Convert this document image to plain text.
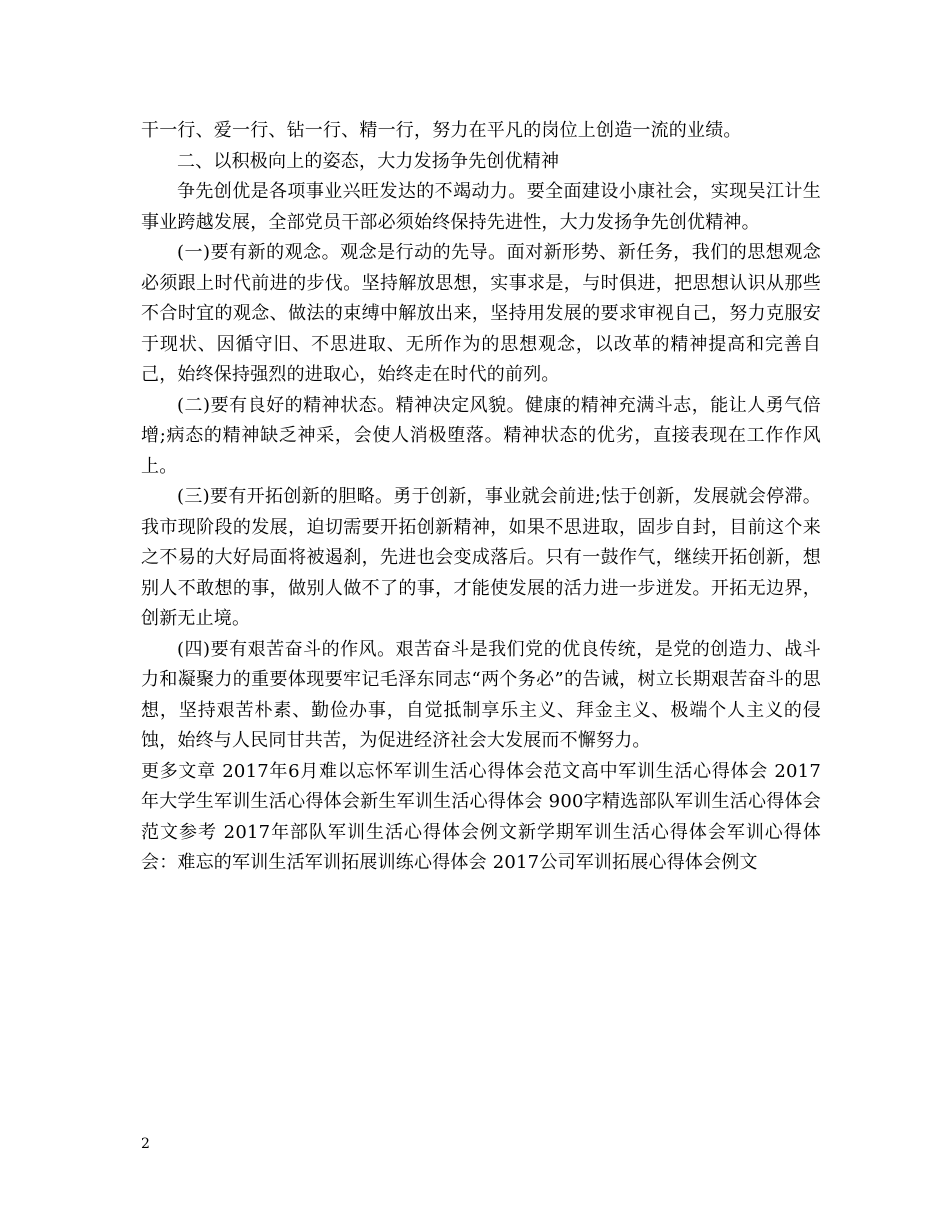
干一行、爱一行、钻一行、精一行，努力在平凡的岗位上创造一流的业绩。

二、以积极向上的姿态，大力发扬争先创优精神

争先创优是各项事业兴旺发达的不竭动力。要全面建设小康社会，实现吴江计生事业跨越发展，全部党员干部必须始终保持先进性，大力发扬争先创优精神。

(一)要有新的观念。观念是行动的先导。面对新形势、新任务，我们的思想观念必须跟上时代前进的步伐。坚持解放思想，实事求是，与时俱进，把思想认识从那些不合时宜的观念、做法的束缚中解放出来，坚持用发展的要求审视自己，努力克服安于现状、因循守旧、不思进取、无所作为的思想观念，以改革的精神提高和完善自己，始终保持强烈的进取心，始终走在时代的前列。

(二)要有良好的精神状态。精神决定风貌。健康的精神充满斗志，能让人勇气倍增;病态的精神缺乏神采，会使人消极堕落。精神状态的优劣，直接表现在工作作风上。

(三)要有开拓创新的胆略。勇于创新，事业就会前进;怯于创新，发展就会停滞。我市现阶段的发展，迫切需要开拓创新精神，如果不思进取，固步自封，目前这个来之不易的大好局面将被遏刹，先进也会变成落后。只有一鼓作气，继续开拓创新，想别人不敢想的事，做别人做不了的事，才能使发展的活力进一步迸发。开拓无边界，创新无止境。

(四)要有艰苦奋斗的作风。艰苦奋斗是我们党的优良传统，是党的创造力、战斗力和凝聚力的重要体现要牢记毛泽东同志“两个务必”的告诫，树立长期艰苦奋斗的思想，坚持艰苦朴素、勤俭办事，自觉抵制享乐主义、拜金主义、极端个人主义的侵蚀，始终与人民同甘共苦，为促进经济社会大发展而不懈努力。

更多文章 2017年6月难以忘怀军训生活心得体会范文高中军训生活心得体会 2017年大学生军训生活心得体会新生军训生活心得体会 900字精选部队军训生活心得体会范文参考 2017年部队军训生活心得体会例文新学期军训生活心得体会军训心得体会：难忘的军训生活军训拓展训练心得体会 2017公司军训拓展心得体会例文

2
